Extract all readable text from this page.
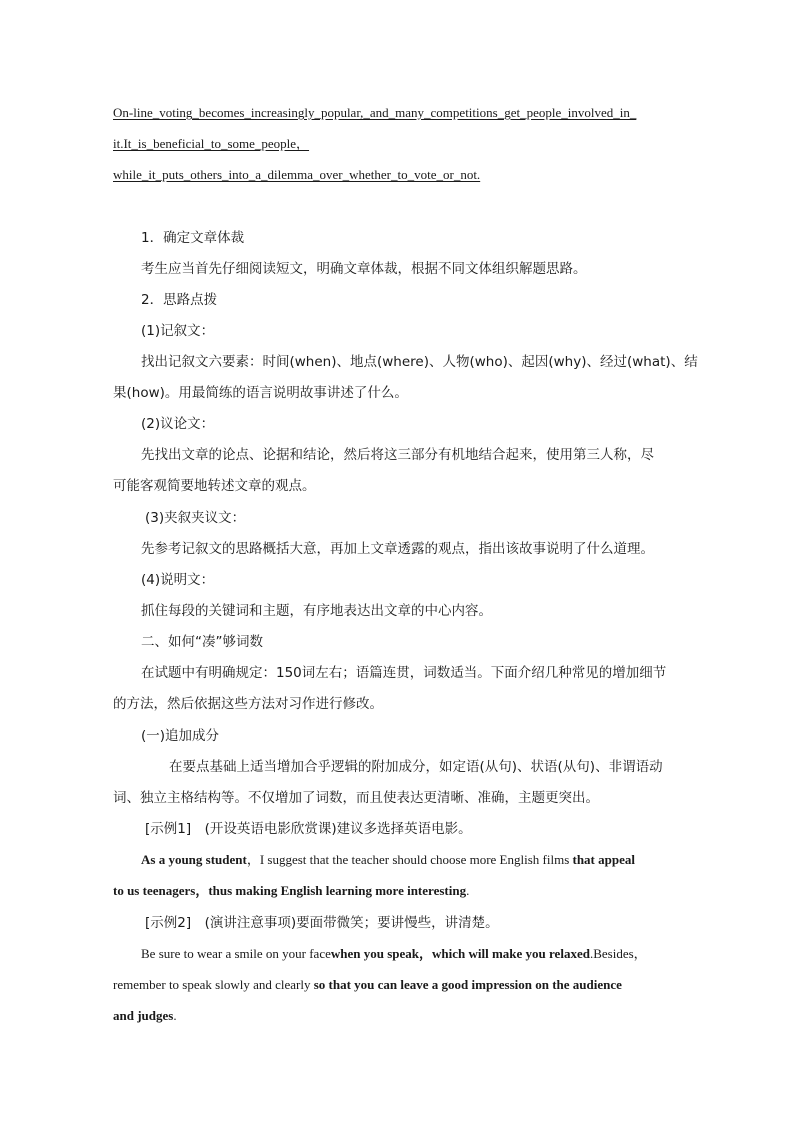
On-line_voting_becomes_increasingly_popular,_and_many_competitions_get_people_involved_in_
it.It_is_beneficial_to_some_people，
while_it_puts_others_into_a_dilemma_over_whether_to_vote_or_not.
1．确定文章体裁
考生应当首先仔细阅读短文，明确文章体裁，根据不同文体组织解题思路。
2．思路点拨
(1)记叙文：
找出记叙文六要素：时间(when)、地点(where)、人物(who)、起因(why)、经过(what)、结
果(how)。用最简练的语言说明故事讲述了什么。
(2)议论文：
先找出文章的论点、论据和结论，然后将这三部分有机地结合起来，使用第三人称，尽
可能客观简要地转述文章的观点。
(3)夹叙夹议文：
先参考记叙文的思路概括大意，再加上文章透露的观点，指出该故事说明了什么道理。
(4)说明文：
抓住每段的关键词和主题，有序地表达出文章的中心内容。
二、如何“凑”够词数
在试题中有明确规定：150词左右；语篇连贯，词数适当。下面介绍几种常见的增加细节
的方法，然后依据这些方法对习作进行修改。
(一)追加成分
在要点基础上适当增加合乎逻辑的附加成分，如定语(从句)、状语(从句)、非谓语动
词、独立主格结构等。不仅增加了词数，而且使表达更清晰、准确，主题更突出。
[示例1]　(开设英语电影欣赏课)建议多选择英语电影。
As a young student，I suggest that the teacher should choose more English films that appeal
to us teenagers，thus making English learning more interesting.
[示例2]　(演讲注意事项)要面带微笑；要讲慢些，讲清楚。
Be sure to wear a smile on your facewhen you speak，which will make you relaxed.Besides，
remember to speak slowly and clearly so that you can leave a good impression on the audience
and judges.
